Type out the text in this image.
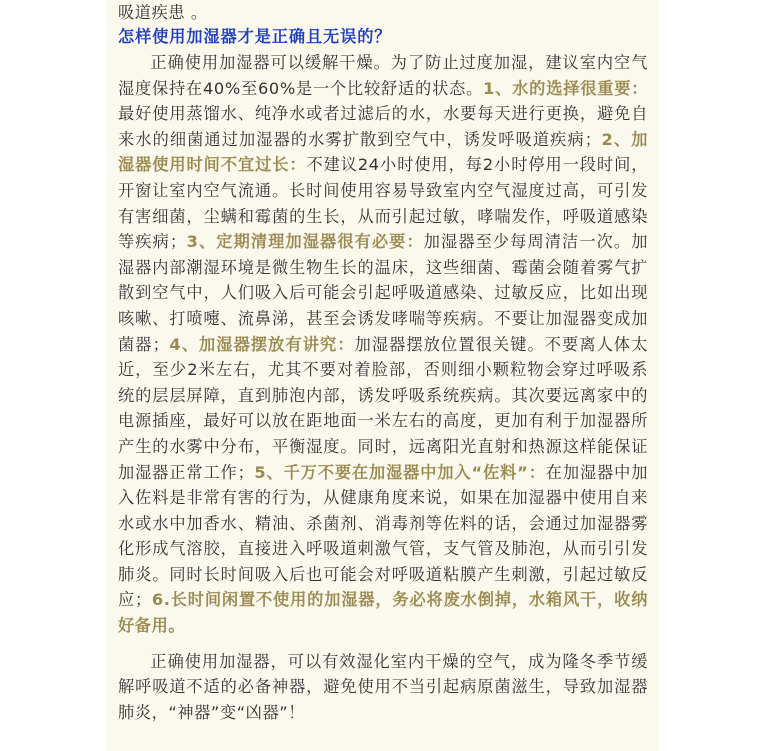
吸道疾患 。

怎样使用加湿器才是正确且无误的？

正确使用加湿器可以缓解干燥。为了防止过度加湿，建议室内空气湿度保持在40%至60%是一个比较舒适的状态。1、水的选择很重要：最好使用蒸馏水、纯净水或者过滤后的水，水要每天进行更换，避免自来水的细菌通过加湿器的水雾扩散到空气中，诱发呼吸道疾病；2、加湿器使用时间不宜过长：不建议24小时使用，每2小时停用一段时间，开窗让室内空气流通。长时间使用容易导致室内空气湿度过高，可引发有害细菌，尘螨和霉菌的生长，从而引起过敏，哮喘发作，呼吸道感染等疾病；3、定期清理加湿器很有必要：加湿器至少每周清洁一次。加湿器内部潮湿环境是微生物生长的温床，这些细菌、霉菌会随着雾气扩散到空气中，人们吸入后可能会引起呼吸道感染、过敏反应，比如出现咳嗽、打喷嚏、流鼻涕，甚至会诱发哮喘等疾病。不要让加湿器变成加菌器；4、加湿器摆放有讲究：加湿器摆放位置很关键。不要离人体太近，至少2米左右，尤其不要对着脸部，否则细小颗粒物会穿过呼吸系统的层层屏障，直到肺泡内部，诱发呼吸系统疾病。其次要远离家中的电源插座，最好可以放在距地面一米左右的高度，更加有利于加湿器所产生的水雾中分布，平衡湿度。同时，远离阳光直射和热源这样能保证加湿器正常工作；5、千万不要在加湿器中加入“佐料”：在加湿器中加入佐料是非常有害的行为，从健康角度来说，如果在加湿器中使用自来水或水中加香水、精油、杀菌剂、消毒剂等佐料的话，会通过加湿器雾化形成气溶胶，直接进入呼吸道刺激气管，支气管及肺泡，从而引引发肺炎。同时长时间吸入后也可能会对呼吸道粘膜产生刺激，引起过敏反应；6.长时间闲置不使用的加湿器，务必将废水倒掉，水箱风干，收纳好备用。

正确使用加湿器，可以有效湿化室内干燥的空气，成为隆冬季节缓解呼吸道不适的必备神器，避免使用不当引起病原菌滋生，导致加湿器肺炎，“神器”变“凶器”！
